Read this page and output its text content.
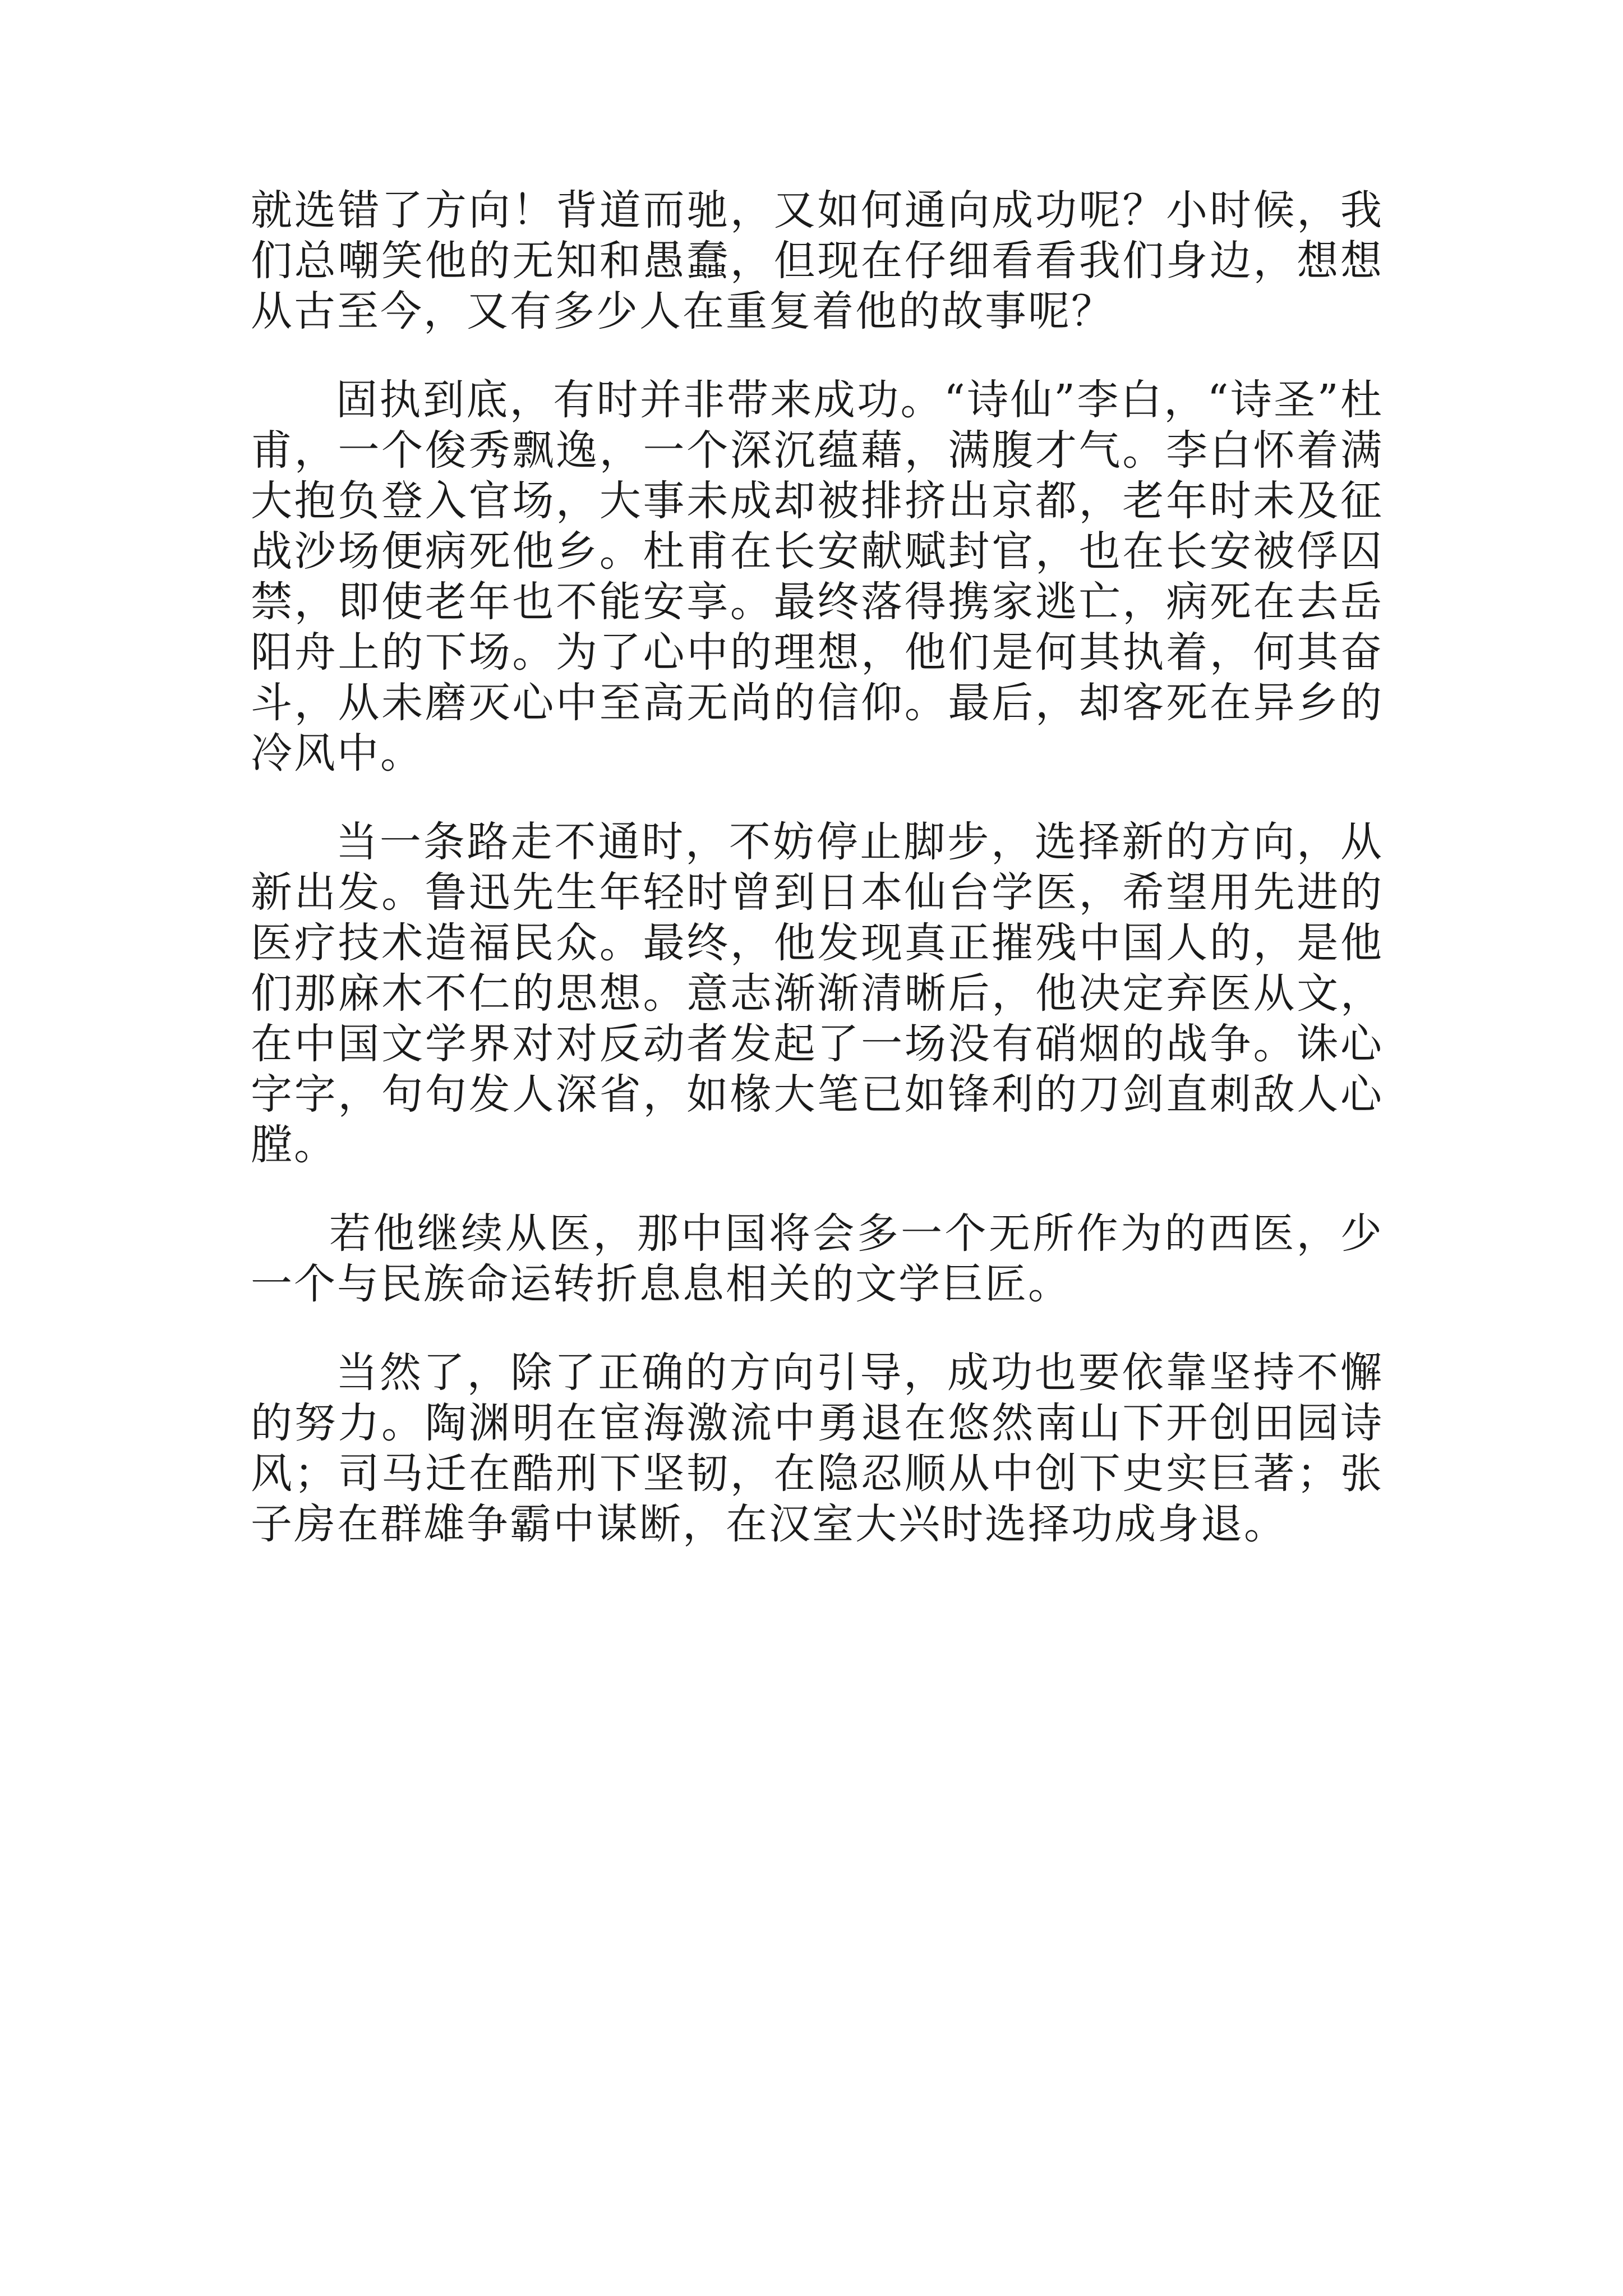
就选错了方向！背道而驰，又如何通向成功呢？小时候，我们总嘲笑他的无知和愚蠢，但现在仔细看看我们身边，想想从古至今，又有多少人在重复着他的故事呢？

固执到底，有时并非带来成功。“诗仙”李白，“诗圣”杜甫，一个俊秀飘逸，一个深沉蕴藉，满腹才气。李白怀着满大抱负登入官场，大事未成却被排挤出京都，老年时未及征战沙场便病死他乡。杜甫在长安献赋封官，也在长安被俘囚禁，即使老年也不能安享。最终落得携家逃亡，病死在去岳阳舟上的下场。为了心中的理想，他们是何其执着，何其奋斗，从未磨灭心中至高无尚的信仰。最后，却客死在异乡的冷风中。

当一条路走不通时，不妨停止脚步，选择新的方向，从新出发。鲁迅先生年轻时曾到日本仙台学医，希望用先进的医疗技术造福民众。最终，他发现真正摧残中国人的，是他们那麻木不仁的思想。意志渐渐清晰后，他决定弃医从文，在中国文学界对对反动者发起了一场没有硝烟的战争。诛心字字，句句发人深省，如椽大笔已如锋利的刀剑直刺敌人心膛。

若他继续从医，那中国将会多一个无所作为的西医，少一个与民族命运转折息息相关的文学巨匠。

当然了，除了正确的方向引导，成功也要依靠坚持不懈的努力。陶渊明在宦海激流中勇退在悠然南山下开创田园诗风；司马迁在酷刑下坚韧，在隐忍顺从中创下史实巨著；张子房在群雄争霸中谋断，在汉室大兴时选择功成身退。
